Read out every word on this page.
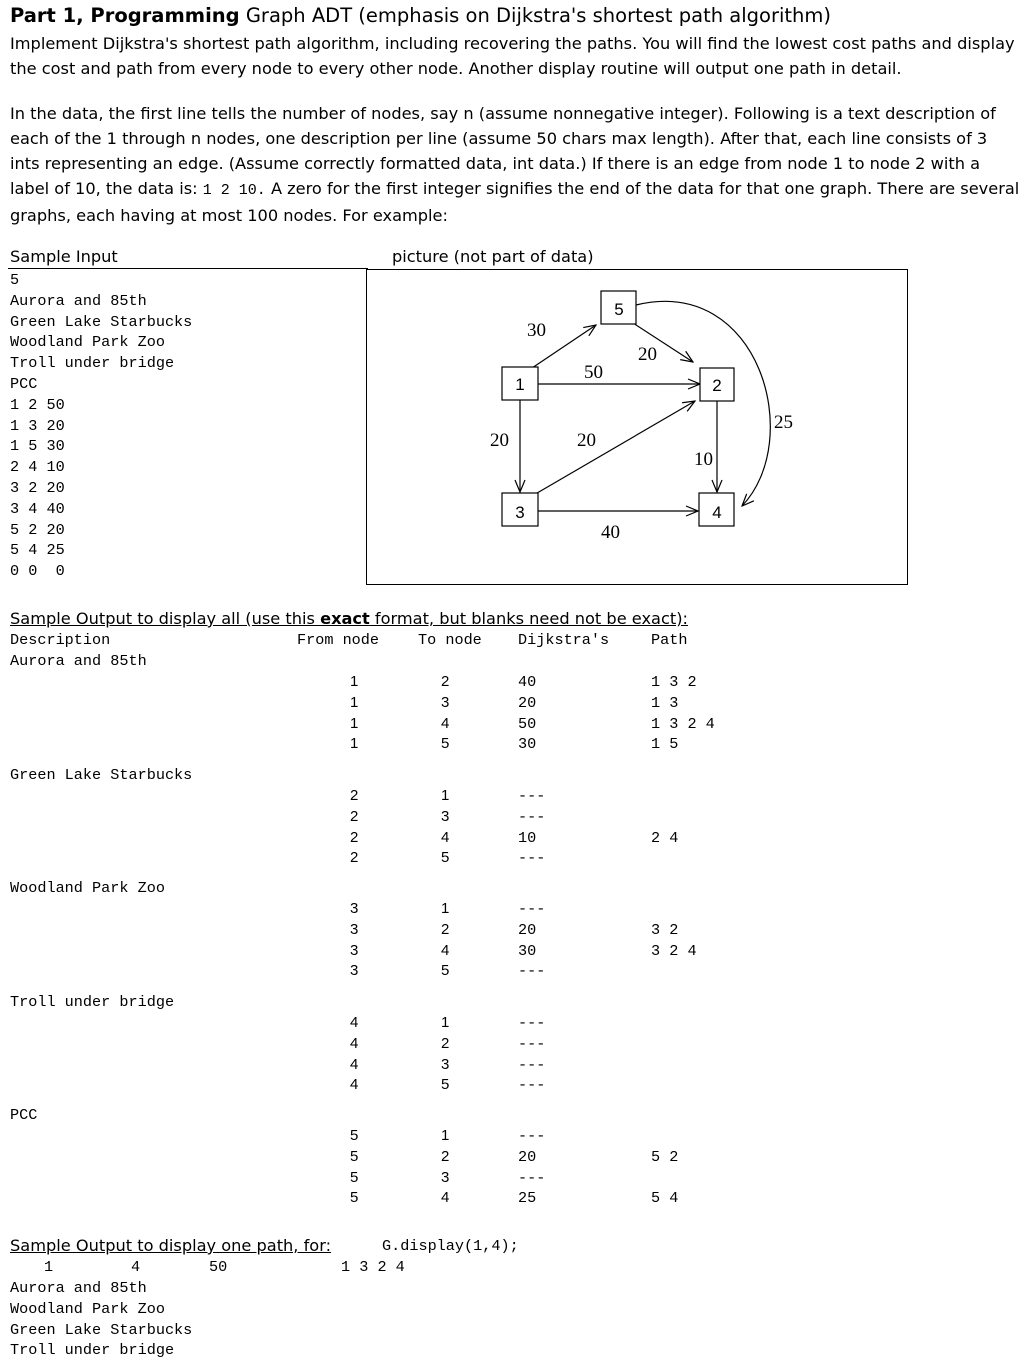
Part 1, Programming Graph ADT (emphasis on Dijkstra's shortest path algorithm)
Implement Dijkstra's shortest path algorithm, including recovering the paths. You will find the lowest cost paths and display the cost and path from every node to every other node. Another display routine will output one path in detail.
In the data, the first line tells the number of nodes, say n (assume nonnegative integer). Following is a text description of each of the 1 through n nodes, one description per line (assume 50 chars max length). After that, each line consists of 3 ints representing an edge. (Assume correctly formatted data, int data.) If there is an edge from node 1 to node 2 with a label of 10, the data is: 1 2 10. A zero for the first integer signifies the end of the data for that one graph. There are several graphs, each having at most 100 nodes. For example:
Sample Input	picture (not part of data)
5
Aurora and 85th
Green Lake Starbucks
Woodland Park Zoo
Troll under bridge
PCC
1 2 50
1 3 20
1 5 30
2 4 10
3 2 20
3 4 40
5 2 20
5 4 25
0 0  0
1	2
3	4
5
30
50
20
25
20	20
10
40
Sample Output to display all (use this exact format, but blanks need not be exact):
Description	From node	To node Dijkstra's	Path
Aurora and 85th
1	2	40	1 3 2
1	3	20	1 3
1	4	50	1 3 2 4
1	5	30	1 5
Green Lake Starbucks
2	1	---
2	3	---
2	4	10	2 4
2	5	---
Woodland Park Zoo
3	1	---
3	2	20	3 2
3	4	30	3 2 4
3	5	---
Troll under bridge
4	1	---
4	2	---
4	3	---
4	5	---
PCC
5	1	---
5	2	20	5 2
5	3	---
5	4	25	5 4
Sample Output to display one path, for:	G.display(1,4);
1	4	50	1 3 2 4
Aurora and 85th
Woodland Park Zoo
Green Lake Starbucks
Troll under bridge
